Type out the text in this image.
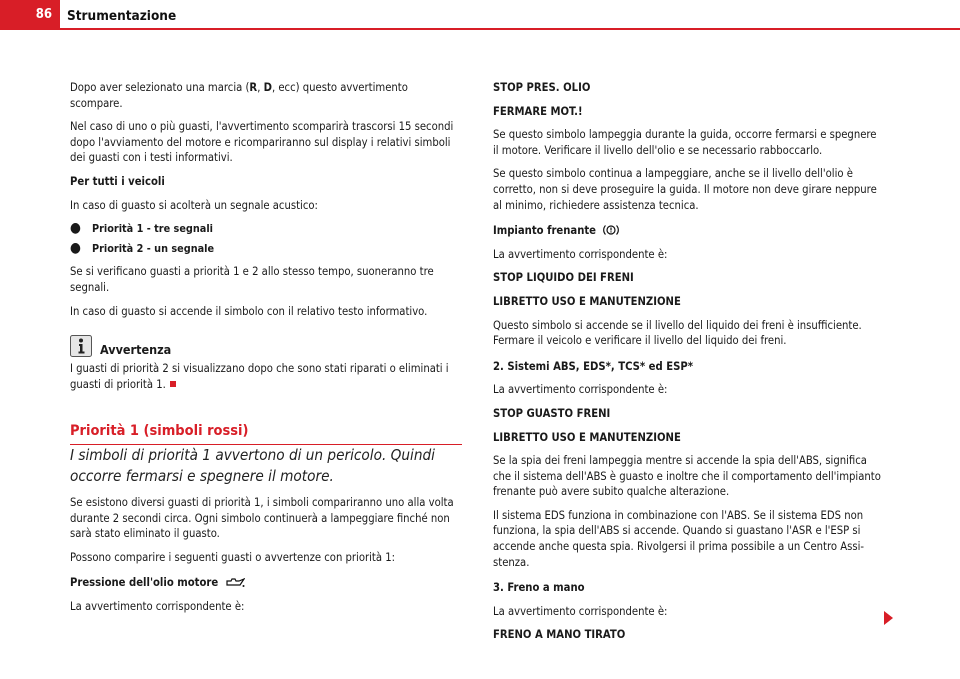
86 Strumentazione

Dopo aver selezionato una marcia (R, D, ecc) questo avvertimento scompare.

Nel caso di uno o più guasti, l'avvertimento scomparirà trascorsi 15 secondi dopo l'avviamento del motore e ricompariranno sul display i relativi simboli dei guasti con i testi informativi.

Per tutti i veicoli

In caso di guasto si acolterà un segnale acustico:

●	Priorità 1 - tre segnali
●	Priorità 2 - un segnale

Se si verificano guasti a priorità 1 e 2 allo stesso tempo, suoneranno tre segnali.

In caso di guasto si accende il simbolo con il relativo testo informativo.

Avvertenza

I guasti di priorità 2 si visualizzano dopo che sono stati riparati o eliminati i guasti di priorità 1.

Priorità 1 (simboli rossi)

I simboli di priorità 1 avvertono di un pericolo. Quindi occorre fermarsi e spegnere il motore.

Se esistono diversi guasti di priorità 1, i simboli compariranno uno alla volta durante 2 secondi circa. Ogni simbolo continuerà a lampeggiare finché non sarà stato eliminato il guasto.

Possono comparire i seguenti guasti o avvertenze con priorità 1:

Pressione dell'olio motore

La avvertimento corrispondente è:

STOP PRES. OLIO

FERMARE MOT.!

Se questo simbolo lampeggia durante la guida, occorre fermarsi e spegnere il motore. Verificare il livello dell'olio e se necessario rabboccarlo.

Se questo simbolo continua a lampeggiare, anche se il livello dell'olio è corretto, non si deve proseguire la guida. Il motore non deve girare neppure al minimo, richiedere assistenza tecnica.

Impianto frenante

La avvertimento corrispondente è:

STOP LIQUIDO DEI FRENI

LIBRETTO USO E MANUTENZIONE

Questo simbolo si accende se il livello del liquido dei freni è insufficiente. Fermare il veicolo e verificare il livello del liquido dei freni.

2. Sistemi ABS, EDS*, TCS* ed ESP*

La avvertimento corrispondente è:

STOP GUASTO FRENI

LIBRETTO USO E MANUTENZIONE

Se la spia dei freni lampeggia mentre si accende la spia dell'ABS, significa che il sistema dell'ABS è guasto e inoltre che il comportamento dell'impianto frenante può avere subito qualche alterazione.

Il sistema EDS funziona in combinazione con l'ABS. Se il sistema EDS non funziona, la spia dell'ABS si accende. Quando si guastano l'ASR e l'ESP si accende anche questa spia. Rivolgersi il prima possibile a un Centro Assi-stenza.

3. Freno a mano

La avvertimento corrispondente è:

FRENO A MANO TIRATO
